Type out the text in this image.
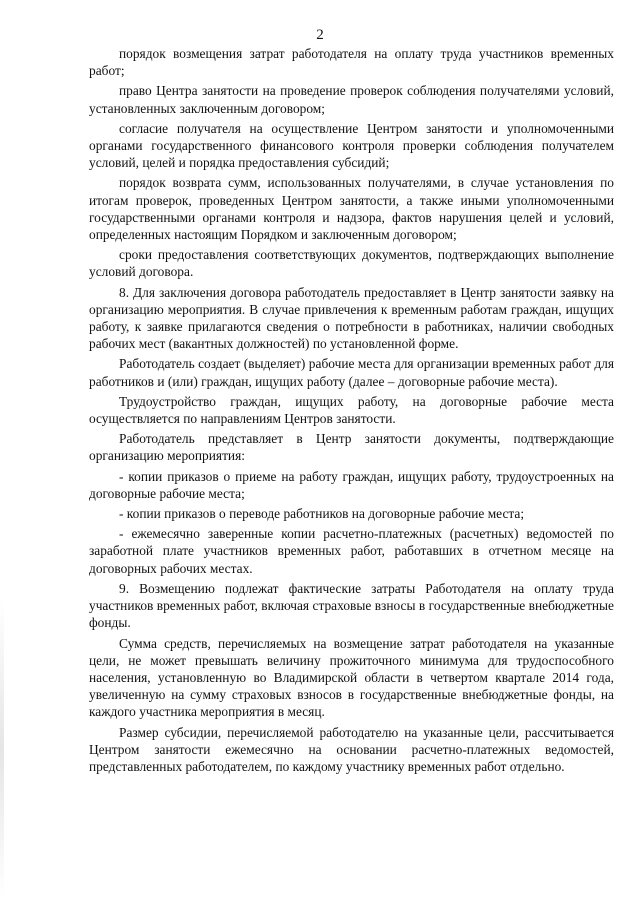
2

порядок возмещения затрат работодателя на оплату труда участников временных работ;

право Центра занятости на проведение проверок соблюдения получателями условий, установленных заключенным договором;

согласие получателя на осуществление Центром занятости и уполномоченными органами государственного финансового контроля проверки соблюдения получателем условий, целей и порядка предоставления субсидий;

порядок возврата сумм, использованных получателями, в случае установления по итогам проверок, проведенных Центром занятости, а также иными уполномоченными государственными органами контроля и надзора, фактов нарушения целей и условий, определенных настоящим Порядком и заключенным договором;

сроки предоставления соответствующих документов, подтверждающих выполнение условий договора.

8. Для заключения договора работодатель предоставляет в Центр занятости заявку на организацию мероприятия. В случае привлечения к временным работам граждан, ищущих работу, к заявке прилагаются сведения о потребности в работниках, наличии свободных рабочих мест (вакантных должностей) по установленной форме.

Работодатель создает (выделяет) рабочие места для организации временных работ для работников и (или) граждан, ищущих работу (далее – договорные рабочие места).

Трудоустройство граждан, ищущих работу, на договорные рабочие места осуществляется по направлениям Центров занятости.

Работодатель представляет в Центр занятости документы, подтверждающие организацию мероприятия:

- копии приказов о приеме на работу граждан, ищущих работу, трудоустроенных на договорные рабочие места;

- копии приказов о переводе работников на договорные рабочие места;

- ежемесячно заверенные копии расчетно-платежных (расчетных) ведомостей по заработной плате участников временных работ, работавших в отчетном месяце на договорных рабочих местах.

9. Возмещению подлежат фактические затраты Работодателя на оплату труда участников временных работ, включая страховые взносы в государственные внебюджетные фонды.

Сумма средств, перечисляемых на возмещение затрат работодателя на указанные цели, не может превышать величину прожиточного минимума для трудоспособного населения, установленную во Владимирской области в четвертом квартале 2014 года, увеличенную на сумму страховых взносов в государственные внебюджетные фонды, на каждого участника мероприятия в месяц.

Размер субсидии, перечисляемой работодателю на указанные цели, рассчитывается Центром занятости ежемесячно на основании расчетно-платежных ведомостей, представленных работодателем, по каждому участнику временных работ отдельно.
